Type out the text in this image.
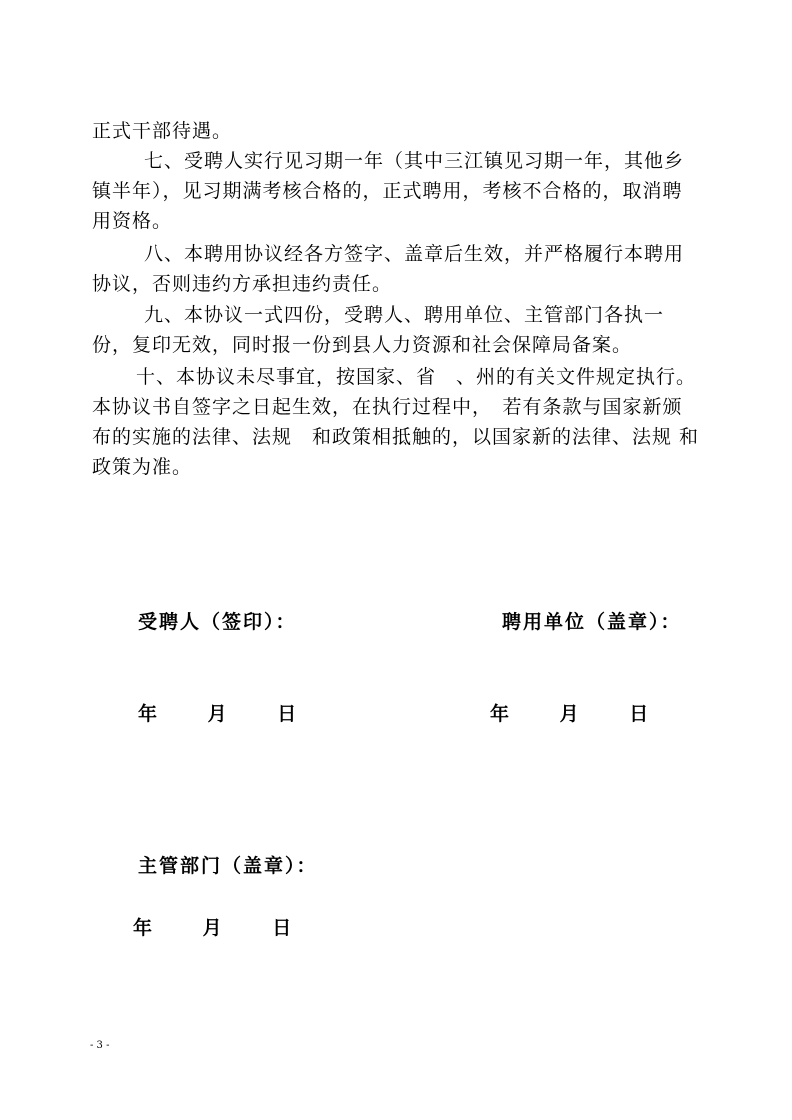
正式干部待遇。

七、受聘人实行见习期一年（其中三江镇见习期一年，其他乡镇半年），见习期满考核合格的，正式聘用，考核不合格的，取消聘用资格。

八、本聘用协议经各方签字、盖章后生效，并严格履行本聘用协议，否则违约方承担违约责任。

九、本协议一式四份，受聘人、聘用单位、主管部门各执一份，复印无效，同时报一份到县人力资源和社会保障局备案。

十、本协议未尽事宜，按国家、省　、州的有关文件规定执行。本协议书自签字之日起生效，在执行过程中，　若有条款与国家新颁布的实施的法律、法规　和政策相抵触的，以国家新的法律、法规 和政策为准。

受聘人（签印）：	聘用单位（盖章）：

年	月	日	年	月	日

主管部门（盖章）：

年	月	日
- 3 -
